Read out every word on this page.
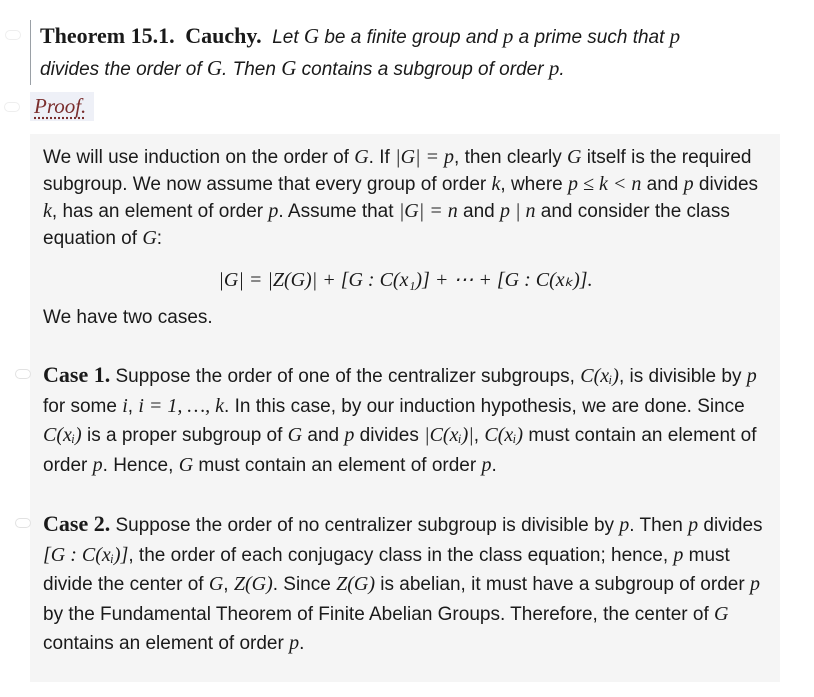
Theorem 15.1. Cauchy. Let G be a finite group and p a prime such that p
divides the order of G. Then G contains a subgroup of order p.
Proof.

We will use induction on the order of G. If |G| = p, then clearly G itself is the required subgroup. We now assume that every group of order k, where p ≤ k < n and p divides k, has an element of order p. Assume that |G| = n and p | n and consider the class equation of G:

|G| = |Z(G)| + [G : C(x₁)] + ⋯ + [G : C(xₖ)].

We have two cases.

Case 1. Suppose the order of one of the centralizer subgroups, C(xᵢ), is divisible by p for some i, i = 1, …, k. In this case, by our induction hypothesis, we are done. Since C(xᵢ) is a proper subgroup of G and p divides |C(xᵢ)|, C(xᵢ) must contain an element of order p. Hence, G must contain an element of order p.
Case 2. Suppose the order of no centralizer subgroup is divisible by p. Then p divides [G : C(xᵢ)], the order of each conjugacy class in the class equation; hence, p must divide the center of G, Z(G). Since Z(G) is abelian, it must have a subgroup of order p by the Fundamental Theorem of Finite Abelian Groups. Therefore, the center of G contains an element of order p.
